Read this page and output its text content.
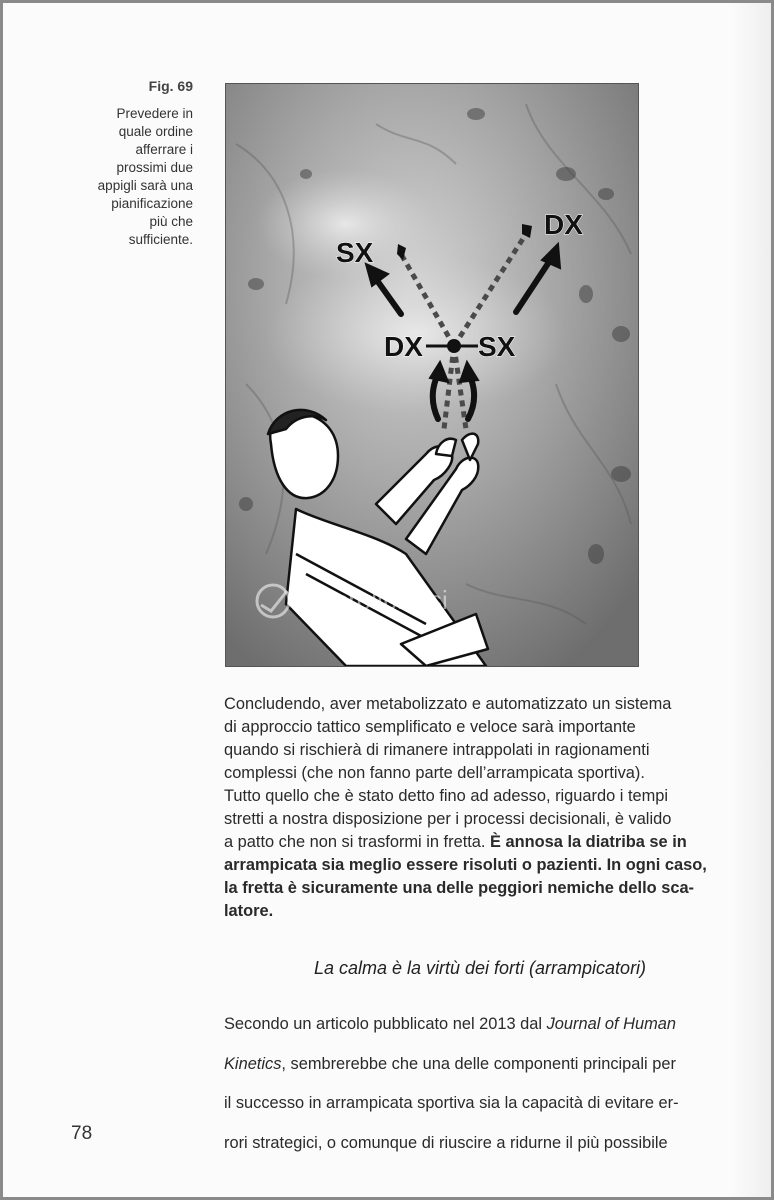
Fig. 69
Prevedere in
quale ordine
afferrare i
prossimi due
appigli sarà una
pianificazione
più che
sufficiente.	SX
DX
DX SX
macrolibrarsi

Concludendo, aver metabolizzato e automatizzato un sistema

di approccio tattico semplificato e veloce sarà importante

quando si rischierà di rimanere intrappolati in ragionamenti

complessi (che non fanno parte dell’arrampicata sportiva).

Tutto quello che è stato detto fino ad adesso, riguardo i tempi

stretti a nostra disposizione per i processi decisionali, è valido

a patto che non si trasformi in fretta. È annosa la diatriba se in

arrampicata sia meglio essere risoluti o pazienti. In ogni caso,

la fretta è sicuramente una delle peggiori nemiche dello sca-

latore.

La calma è la virtù dei forti (arrampicatori)

Secondo un articolo pubblicato nel 2013 dal Journal of Human

Kinetics, sembrerebbe che una delle componenti principali per

il successo in arrampicata sportiva sia la capacità di evitare er-

rori strategici, o comunque di riuscire a ridurne il più possibile

78
